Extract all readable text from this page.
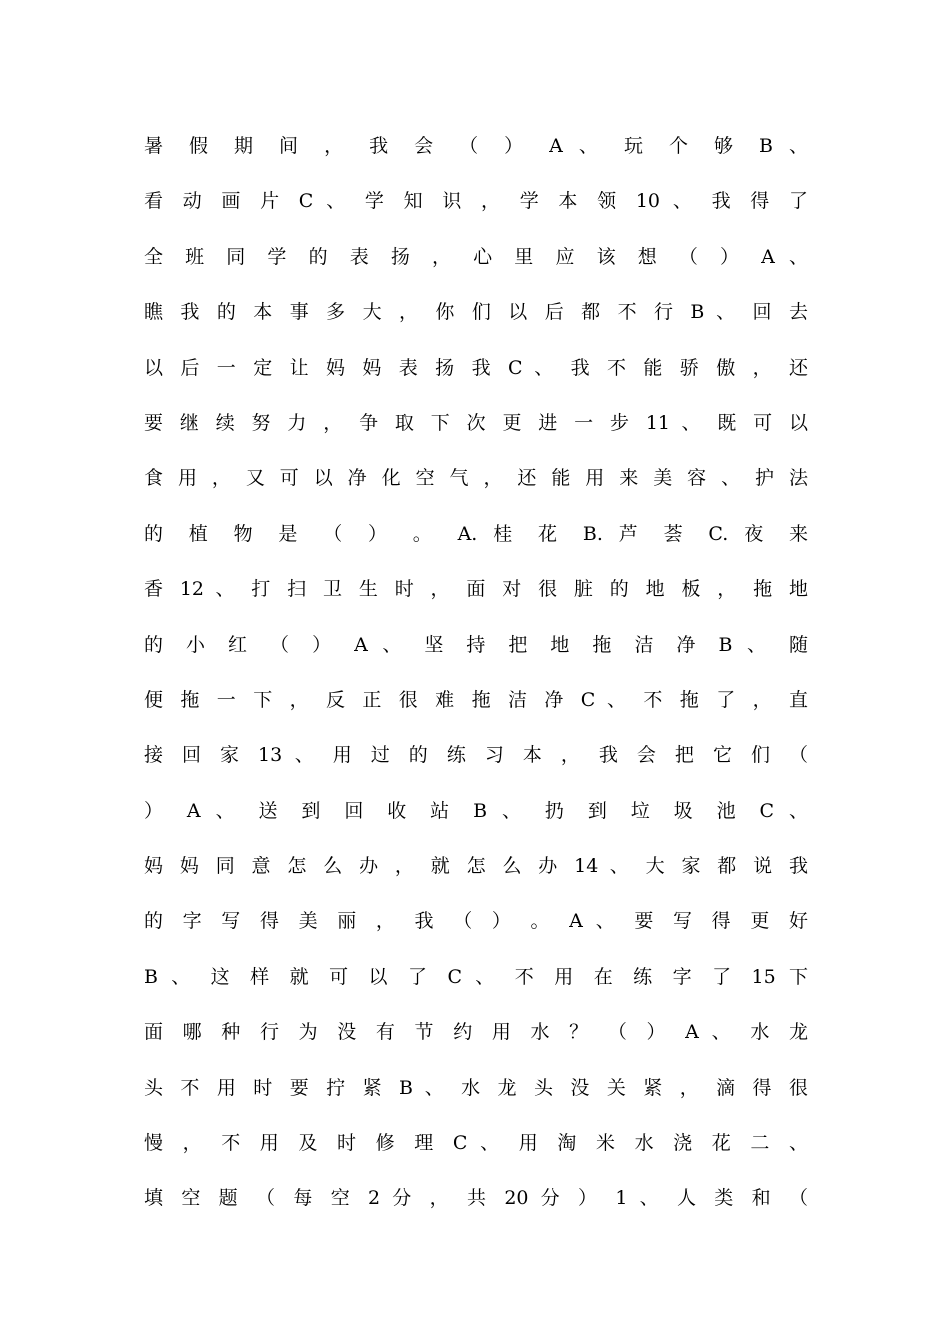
暑 假 期 间 ， 我 会 （ ） A 、 玩 个 够 B 、
看 动 画 片 C 、 学 知 识 ， 学 本 领 10 、 我 得 了
全 班 同 学 的 表 扬 ， 心 里 应 该 想 （ ） A 、
瞧 我 的 本 事 多 大 ， 你 们 以 后 都 不 行 B 、 回 去
以 后 一 定 让 妈 妈 表 扬 我 C 、 我 不 能 骄 傲 ， 还
要 继 续 努 力 ， 争 取 下 次 更 进 一 步 11 、 既 可 以
食 用 ， 又 可 以 净 化 空 气 ， 还 能 用 来 美 容 、 护 法
的 植 物 是 （ ） 。 A. 桂 花 B. 芦 荟 C. 夜 来
香 12 、 打 扫 卫 生 时 ， 面 对 很 脏 的 地 板 ， 拖 地
的 小 红 （ ） A 、 坚 持 把 地 拖 洁 净 B 、 随
便 拖 一 下 ， 反 正 很 难 拖 洁 净 C 、 不 拖 了 ， 直
接 回 家 13 、 用 过 的 练 习 本 ， 我 会 把 它 们 （
） A 、 送 到 回 收 站 B 、 扔 到 垃 圾 池 C 、
妈 妈 同 意 怎 么 办 ， 就 怎 么 办 14 、 大 家 都 说 我
的 字 写 得 美 丽 ， 我 （ ） 。 A 、 要 写 得 更 好
B 、 这 样 就 可 以 了 C 、 不 用 在 练 字 了 15 下
面 哪 种 行 为 没 有 节 约 用 水 ？ （ ） A 、 水 龙
头 不 用 时 要 拧 紧 B 、 水 龙 头 没 关 紧 ， 滴 得 很
慢 ， 不 用 及 时 修 理 C 、 用 淘 米 水 浇 花 二 、
填 空 题 （ 每 空 2 分 ， 共 20 分 ） 1 、 人 类 和 （
